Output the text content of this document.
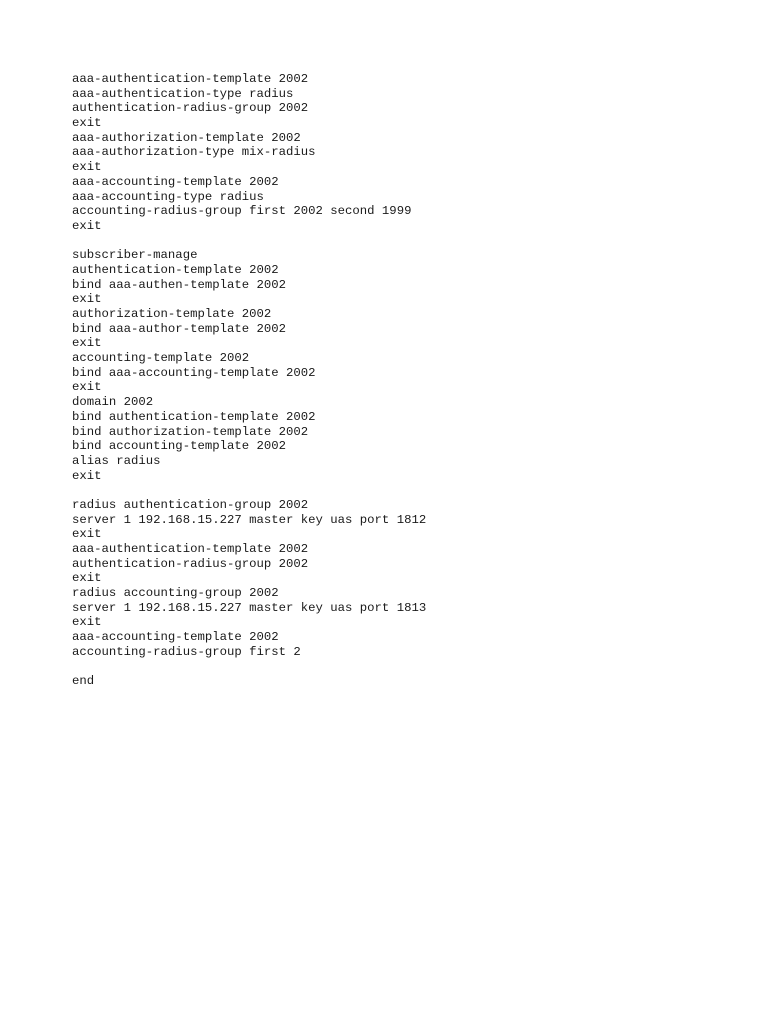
aaa-authentication-template 2002
aaa-authentication-type radius
authentication-radius-group 2002
exit
aaa-authorization-template 2002
aaa-authorization-type mix-radius
exit
aaa-accounting-template 2002
aaa-accounting-type radius
accounting-radius-group first 2002 second 1999
exit
subscriber-manage
authentication-template 2002
bind aaa-authen-template 2002
exit
authorization-template 2002
bind aaa-author-template 2002
exit
accounting-template 2002
bind aaa-accounting-template 2002
exit
domain 2002
bind authentication-template 2002
bind authorization-template 2002
bind accounting-template 2002
alias radius
exit
radius authentication-group 2002
server 1 192.168.15.227 master key uas port 1812
exit
aaa-authentication-template 2002
authentication-radius-group 2002
exit
radius accounting-group 2002
server 1 192.168.15.227 master key uas port 1813
exit
aaa-accounting-template 2002
accounting-radius-group first 2
end
